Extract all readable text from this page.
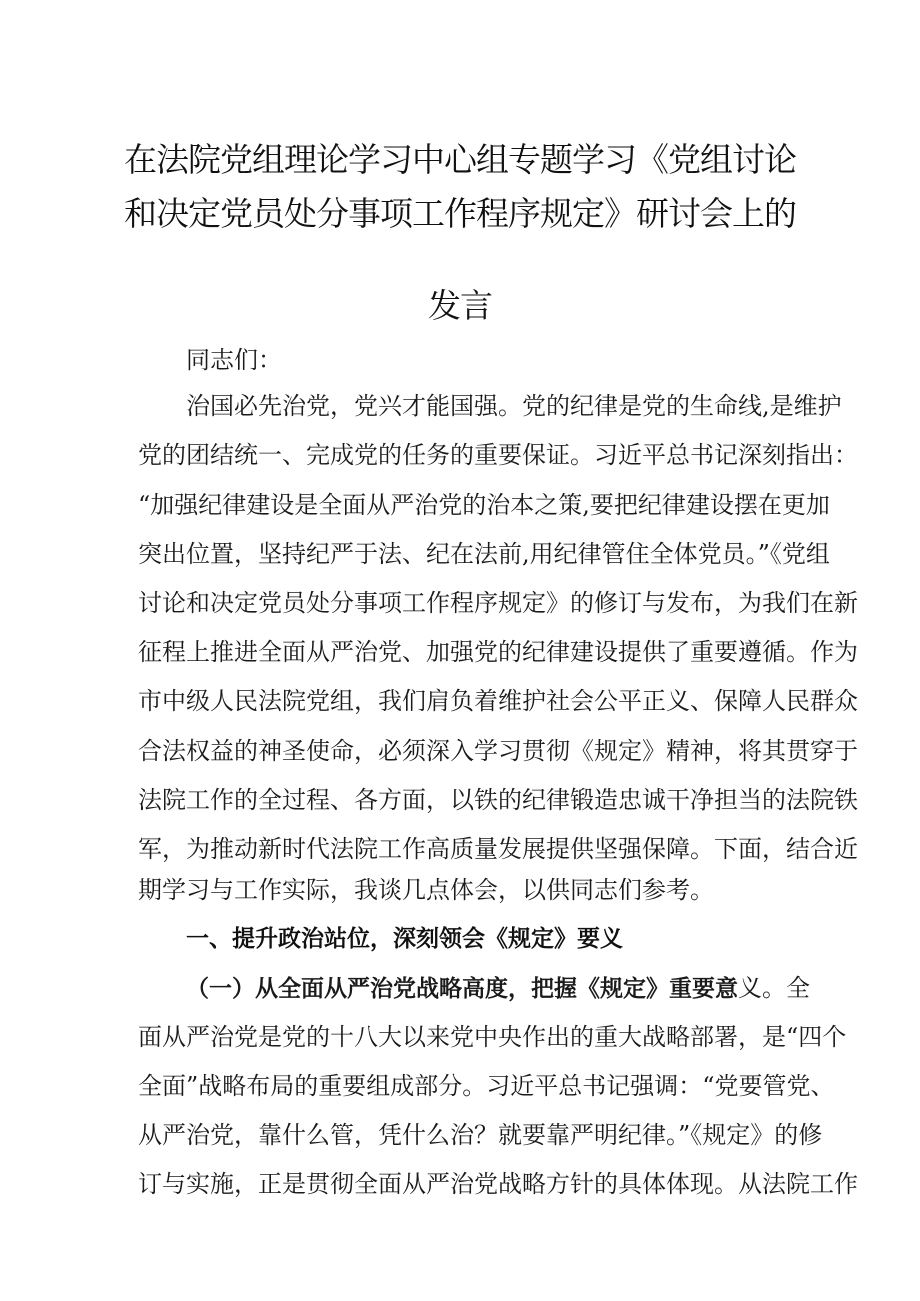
在法院党组理论学习中心组专题学习《党组讨论
和决定党员处分事项工作程序规定》研讨会上的
发言
同志们：
治国必先治党，党兴才能国强。党的纪律是党的生命线,是维护
党的团结统一、完成党的任务的重要保证。习近平总书记深刻指出：
“加强纪律建设是全面从严治党的治本之策,要把纪律建设摆在更加
突出位置，坚持纪严于法、纪在法前,用纪律管住全体党员。”《党组
讨论和决定党员处分事项工作程序规定》的修订与发布，为我们在新
征程上推进全面从严治党、加强党的纪律建设提供了重要遵循。作为
市中级人民法院党组，我们肩负着维护社会公平正义、保障人民群众
合法权益的神圣使命，必须深入学习贯彻《规定》精神，将其贯穿于
法院工作的全过程、各方面，以铁的纪律锻造忠诚干净担当的法院铁
军，为推动新时代法院工作高质量发展提供坚强保障。下面，结合近
期学习与工作实际，我谈几点体会，以供同志们参考。
一、提升政治站位，深刻领会《规定》要义
（一）从全面从严治党战略高度，把握《规定》重要意义。全
面从严治党是党的十八大以来党中央作出的重大战略部署，是“四个
全面”战略布局的重要组成部分。习近平总书记强调：“党要管党、
从严治党，靠什么管，凭什么治？就要靠严明纪律。”《规定》的修
订与实施，正是贯彻全面从严治党战略方针的具体体现。从法院工作
